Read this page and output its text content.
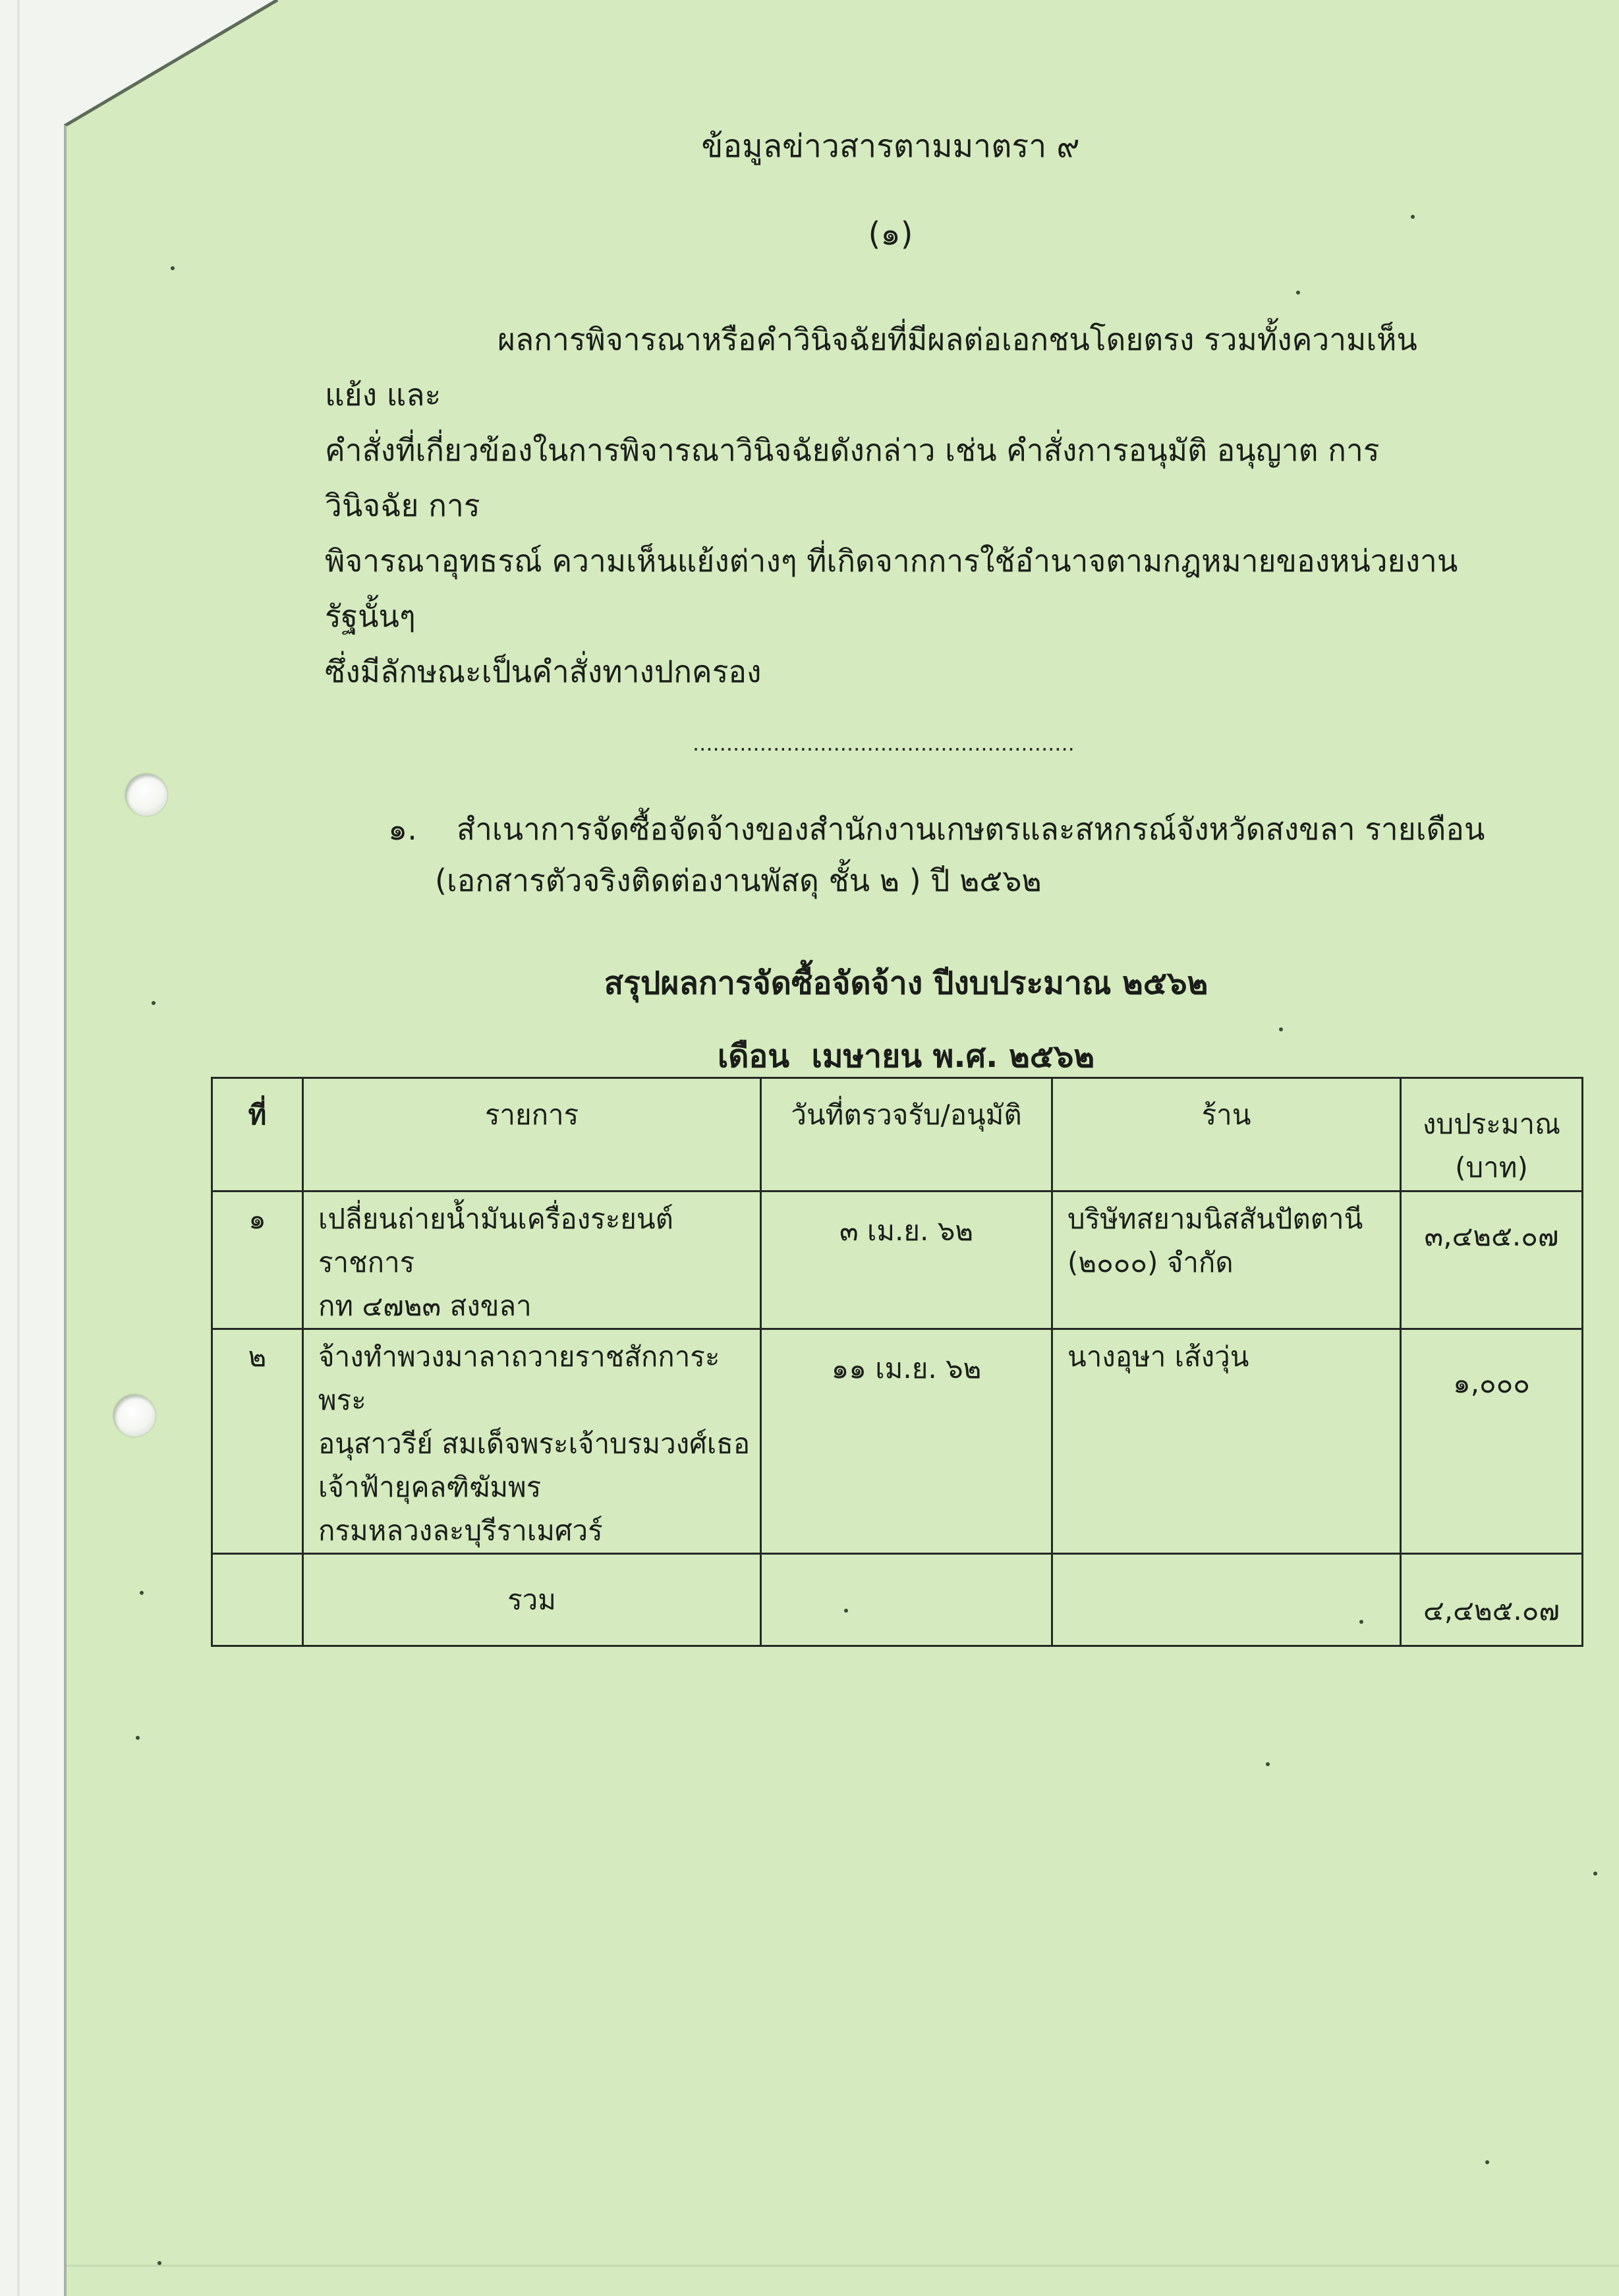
ข้อมูลข่าวสารตามมาตรา ๙
(๑)
ผลการพิจารณาหรือคำวินิจฉัยที่มีผลต่อเอกชนโดยตรง รวมทั้งความเห็นแย้ง และ
คำสั่งที่เกี่ยวข้องในการพิจารณาวินิจฉัยดังกล่าว เช่น คำสั่งการอนุมัติ อนุญาต การวินิจฉัย การ
พิจารณาอุทธรณ์ ความเห็นแย้งต่างๆ ที่เกิดจากการใช้อำนาจตามกฎหมายของหน่วยงานรัฐนั้นๆ
ซึ่งมีลักษณะเป็นคำสั่งทางปกครอง
.........................................................
๑. สำเนาการจัดซื้อจัดจ้างของสำนักงานเกษตรและสหกรณ์จังหวัดสงขลา รายเดือน
(เอกสารตัวจริงติดต่องานพัสดุ ชั้น ๒ ) ปี ๒๕๖๒
สรุปผลการจัดซื้อจัดจ้าง ปีงบประมาณ ๒๕๖๒
เดือน  เมษายน พ.ศ. ๒๕๖๒
ที่	รายการ	วันที่ตรวจรับ/อนุมัติ	ร้าน	งบประมาณ
(บาท)

๑	เปลี่ยนถ่ายน้ำมันเครื่องระยนต์ราชการ
กท ๔๗๒๓ สงขลา	๓ เม.ย. ๖๒	บริษัทสยามนิสสันปัตตานี
(๒๐๐๐) จำกัด	๓,๔๒๕.๐๗

๒	จ้างทำพวงมาลาถวายราชสักการะพระ
อนุสาวรีย์ สมเด็จพระเจ้าบรมวงศ์เธอ
เจ้าฟ้ายุคลฑิฆัมพร
กรมหลวงละบุรีราเมศวร์	๑๑ เม.ย. ๖๒	นางอุษา เส้งวุ่น	๑,๐๐๐

	รวม			๔,๔๒๕.๐๗
